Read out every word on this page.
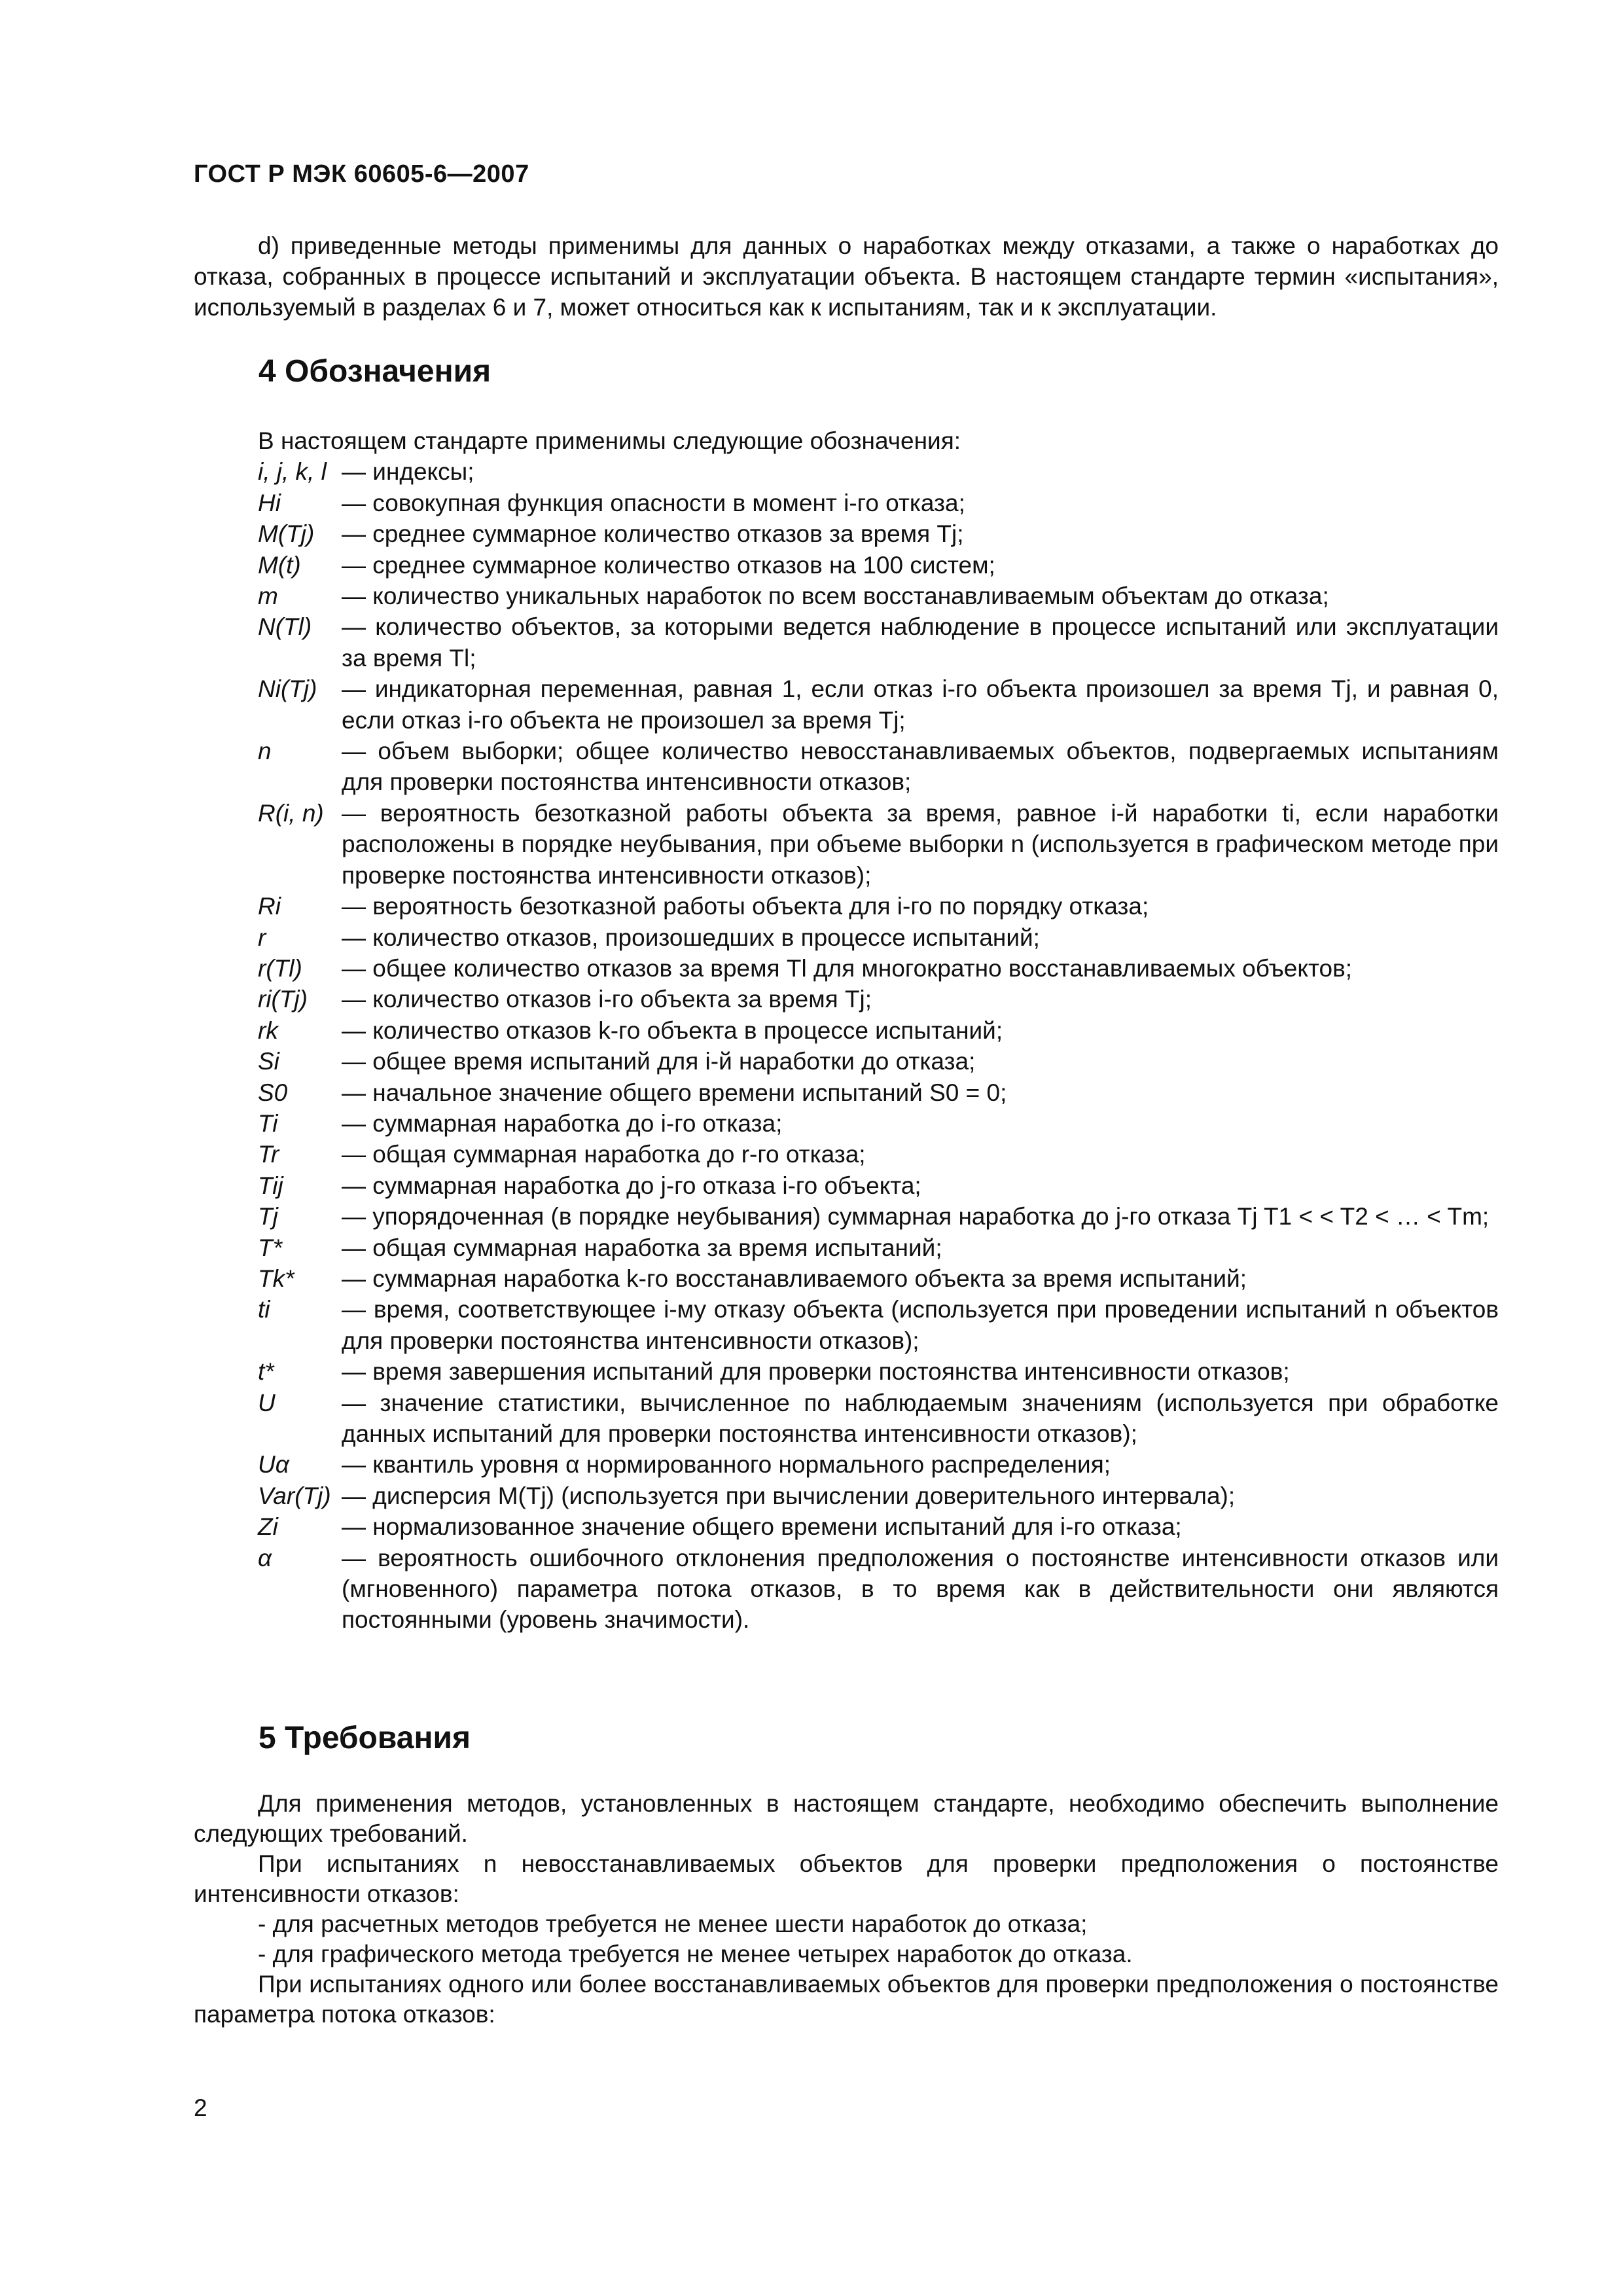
ГОСТ Р МЭК 60605-6—2007
d) приведенные методы применимы для данных о наработках между отказами, а также о наработках до отказа, собранных в процессе испытаний и эксплуатации объекта. В настоящем стандарте термин «испытания», используемый в разделах 6 и 7, может относиться как к испытаниям, так и к эксплуатации.
4 Обозначения

В настоящем стандарте применимы следующие обозначения:

i, j, k, l — индексы;
Hi	— совокупная функция опасности в момент i-го отказа;
M(Tj)	— среднее суммарное количество отказов за время Tj;
M(t)	— среднее суммарное количество отказов на 100 систем;
m	— количество уникальных наработок по всем восстанавливаемым объектам до отказа;
N(Tl)	— количество объектов, за которыми ведется наблюдение в процессе испытаний или эксплуатации за время Tl;
Ni(Tj)	— индикаторная переменная, равная 1, если отказ i-го объекта произошел за время Tj, и равная 0, если отказ i-го объекта не произошел за время Tj;
n	— объем выборки; общее количество невосстанавливаемых объектов, подвергаемых испытаниям для проверки постоянства интенсивности отказов;
R(i, n) — вероятность безотказной работы объекта за время, равное i-й наработки ti, если наработки расположены в порядке неубывания, при объеме выборки n (используется в графическом методе при проверке постоянства интенсивности отказов);
Ri	— вероятность безотказной работы объекта для i-го по порядку отказа;
r	— количество отказов, произошедших в процессе испытаний;
r(Tl)	— общее количество отказов за время Tl для многократно восстанавливаемых объектов;
ri(Tj)	— количество отказов i-го объекта за время Tj;
rk	— количество отказов k-го объекта в процессе испытаний;
Si	— общее время испытаний для i-й наработки до отказа;
S0	— начальное значение общего времени испытаний S0 = 0;
Ti	— суммарная наработка до i-го отказа;
Tr	— общая суммарная наработка до r-го отказа;
Tij	— суммарная наработка до j-го отказа i-го объекта;
Tj	— упорядоченная (в порядке неубывания) суммарная наработка до j-го отказа Tj T1 < < T2 < … < Tm;
T*	— общая суммарная наработка за время испытаний;
Tk*	— суммарная наработка k-го восстанавливаемого объекта за время испытаний;
ti	— время, соответствующее i-му отказу объекта (используется при проведении испытаний n объектов для проверки постоянства интенсивности отказов);
t*	— время завершения испытаний для проверки постоянства интенсивности отказов;
U	— значение статистики, вычисленное по наблюдаемым значениям (используется при обработке данных испытаний для проверки постоянства интенсивности отказов);
Uα	— квантиль уровня α нормированного нормального распределения;
Var(Tj) — дисперсия M(Tj) (используется при вычислении доверительного интервала);
Zi	— нормализованное значение общего времени испытаний для i-го отказа;
α	— вероятность ошибочного отклонения предположения о постоянстве интенсивности отказов или (мгновенного) параметра потока отказов, в то время как в действительности они являются постоянными (уровень значимости).
5 Требования

Для применения методов, установленных в настоящем стандарте, необходимо обеспечить выполнение следующих требований.

При испытаниях n невосстанавливаемых объектов для проверки предположения о постоянстве интенсивности отказов:

- для расчетных методов требуется не менее шести наработок до отказа;

- для графического метода требуется не менее четырех наработок до отказа.

При испытаниях одного или более восстанавливаемых объектов для проверки предположения о постоянстве параметра потока отказов:

2
